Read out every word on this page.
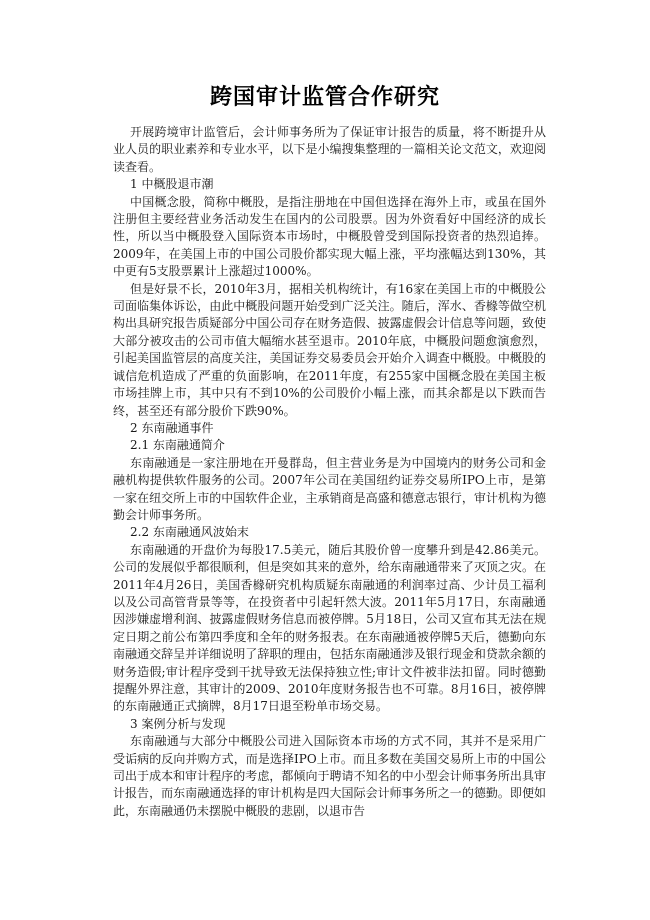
跨国审计监管合作研究

开展跨境审计监管后，会计师事务所为了保证审计报告的质量，将不断提升从业人员的职业素养和专业水平，以下是小编搜集整理的一篇相关论文范文，欢迎阅读查看。

1 中概股退市潮

中国概念股，简称中概股，是指注册地在中国但选择在海外上市，或虽在国外注册但主要经营业务活动发生在国内的公司股票。因为外资看好中国经济的成长性，所以当中概股登入国际资本市场时，中概股曾受到国际投资者的热烈追捧。2009年，在美国上市的中国公司股价都实现大幅上涨，平均涨幅达到130%，其中更有5支股票累计上涨超过1000%。

但是好景不长，2010年3月，据相关机构统计，有16家在美国上市的中概股公司面临集体诉讼，由此中概股问题开始受到广泛关注。随后，浑水、香橼等做空机构出具研究报告质疑部分中国公司存在财务造假、披露虚假会计信息等问题，致使大部分被攻击的公司市值大幅缩水甚至退市。2010年底，中概股问题愈演愈烈，引起美国监管层的高度关注，美国证券交易委员会开始介入调查中概股。中概股的诚信危机造成了严重的负面影响，在2011年度，有255家中国概念股在美国主板市场挂牌上市，其中只有不到10%的公司股价小幅上涨，而其余都是以下跌而告终，甚至还有部分股价下跌90%。

2 东南融通事件

2.1 东南融通简介

东南融通是一家注册地在开曼群岛，但主营业务是为中国境内的财务公司和金融机构提供软件服务的公司。2007年公司在美国纽约证券交易所IPO上市，是第一家在纽交所上市的中国软件企业，主承销商是高盛和德意志银行，审计机构为德勤会计师事务所。

2.2 东南融通风波始末

东南融通的开盘价为每股17.5美元，随后其股价曾一度攀升到是42.86美元。公司的发展似乎都很顺利，但是突如其来的意外，给东南融通带来了灭顶之灾。在2011年4月26日，美国香橼研究机构质疑东南融通的利润率过高、少计员工福利以及公司高管背景等等，在投资者中引起轩然大波。2011年5月17日，东南融通因涉嫌虚增利润、披露虚假财务信息而被停牌。5月18日，公司又宣布其无法在规定日期之前公布第四季度和全年的财务报表。在东南融通被停牌5天后，德勤向东南融通交辞呈并详细说明了辞职的理由，包括东南融通涉及银行现金和贷款余额的财务造假;审计程序受到干扰导致无法保持独立性;审计文件被非法扣留。同时德勤提醒外界注意，其审计的2009、2010年度财务报告也不可靠。8月16日，被停牌的东南融通正式摘牌，8月17日退至粉单市场交易。

3 案例分析与发现

东南融通与大部分中概股公司进入国际资本市场的方式不同，其并不是采用广受诟病的反向并购方式，而是选择IPO上市。而且多数在美国交易所上市的中国公司出于成本和审计程序的考虑，都倾向于聘请不知名的中小型会计师事务所出具审计报告，而东南融通选择的审计机构是四大国际会计师事务所之一的德勤。即便如此，东南融通仍未摆脱中概股的悲剧，以退市告
